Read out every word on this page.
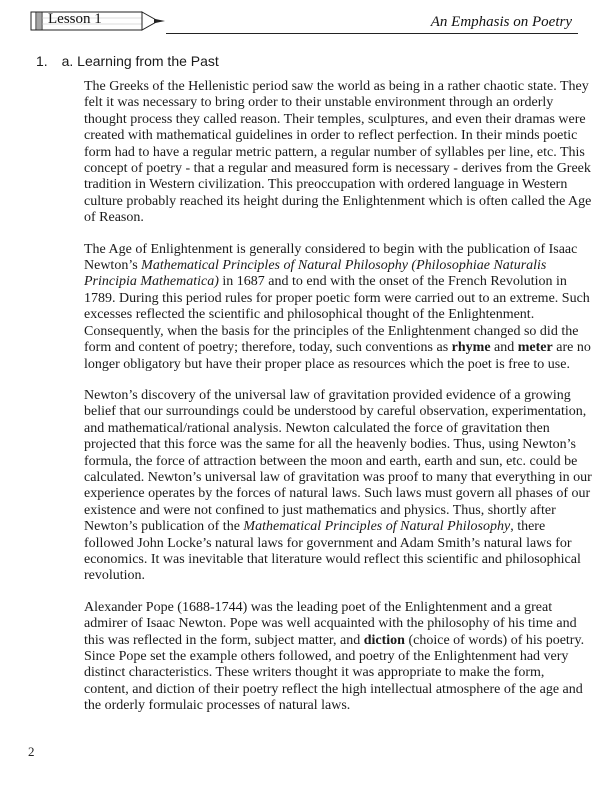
Lesson 1	An Emphasis on Poetry
1. a. Learning from the Past

The Greeks of the Hellenistic period saw the world as being in a rather chaotic state. They felt it was necessary to bring order to their unstable environment through an orderly thought process they called reason. Their temples, sculptures, and even their dramas were created with mathematical guidelines in order to reflect perfection. In their minds poetic form had to have a regular metric pattern, a regular number of syllables per line, etc. This concept of poetry - that a regular and measured form is necessary - derives from the Greek tradition in Western civilization. This preoccupation with ordered language in Western culture probably reached its height during the Enlightenment which is often called the Age of Reason.

The Age of Enlightenment is generally considered to begin with the publication of Isaac Newton’s Mathematical Principles of Natural Philosophy (Philosophiae Naturalis Principia Mathematica) in 1687 and to end with the onset of the French Revolution in 1789. During this period rules for proper poetic form were carried out to an extreme. Such excesses reflected the scientific and philosophical thought of the Enlightenment. Consequently, when the basis for the principles of the Enlightenment changed so did the form and content of poetry; therefore, today, such conventions as rhyme and meter are no longer obligatory but have their proper place as resources which the poet is free to use.

Newton’s discovery of the universal law of gravitation provided evidence of a growing belief that our surroundings could be understood by careful observation, experimentation, and mathematical/rational analysis. Newton calculated the force of gravitation then projected that this force was the same for all the heavenly bodies. Thus, using Newton’s formula, the force of attraction between the moon and earth, earth and sun, etc. could be calculated. Newton’s universal law of gravitation was proof to many that everything in our experience operates by the forces of natural laws. Such laws must govern all phases of our existence and were not confined to just mathematics and physics. Thus, shortly after Newton’s publication of the Mathematical Principles of Natural Philosophy, there followed John Locke’s natural laws for government and Adam Smith’s natural laws for economics. It was inevitable that literature would reflect this scientific and philosophical revolution.

Alexander Pope (1688-1744) was the leading poet of the Enlightenment and a great admirer of Isaac Newton. Pope was well acquainted with the philosophy of his time and this was reflected in the form, subject matter, and diction (choice of words) of his poetry. Since Pope set the example others followed, and poetry of the Enlightenment had very distinct characteristics. These writers thought it was appropriate to make the form, content, and diction of their poetry reflect the high intellectual atmosphere of the age and the orderly formulaic processes of natural laws.

2
